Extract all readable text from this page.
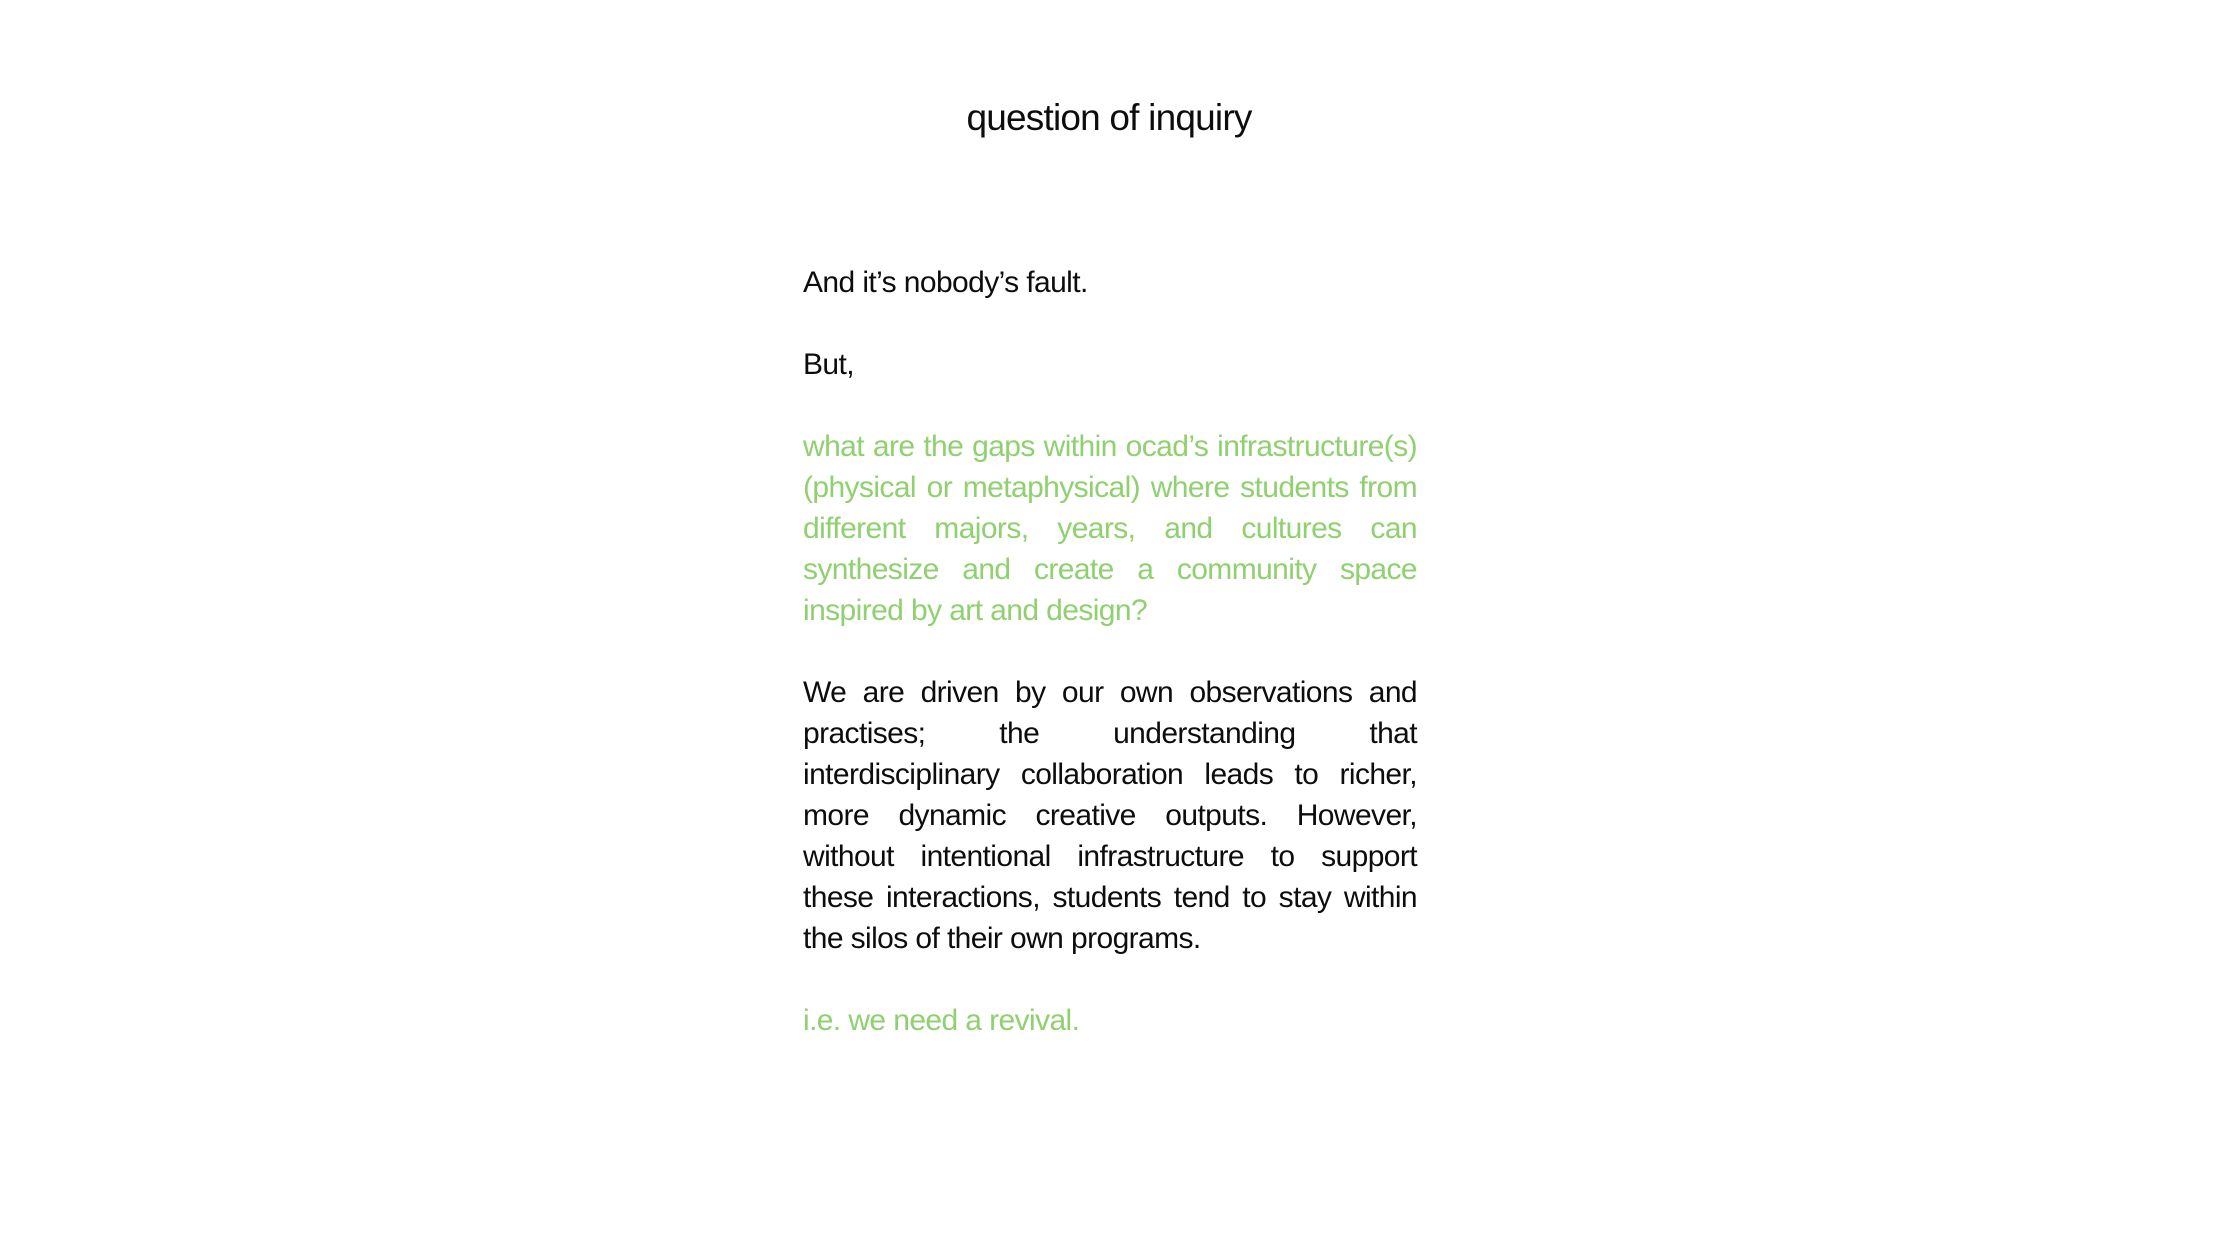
question of inquiry

And it’s nobody’s fault.

But,

what are the gaps within ocad’s infrastructure(s) (physical or metaphysical) where students from different majors, years, and cultures can synthesize and create a community space inspired by art and design?

We are driven by our own observations and practises; the understanding that interdisciplinary collaboration leads to richer, more dynamic creative outputs. However, without intentional infrastructure to support these interactions, students tend to stay within the silos of their own programs.

i.e. we need a revival.
